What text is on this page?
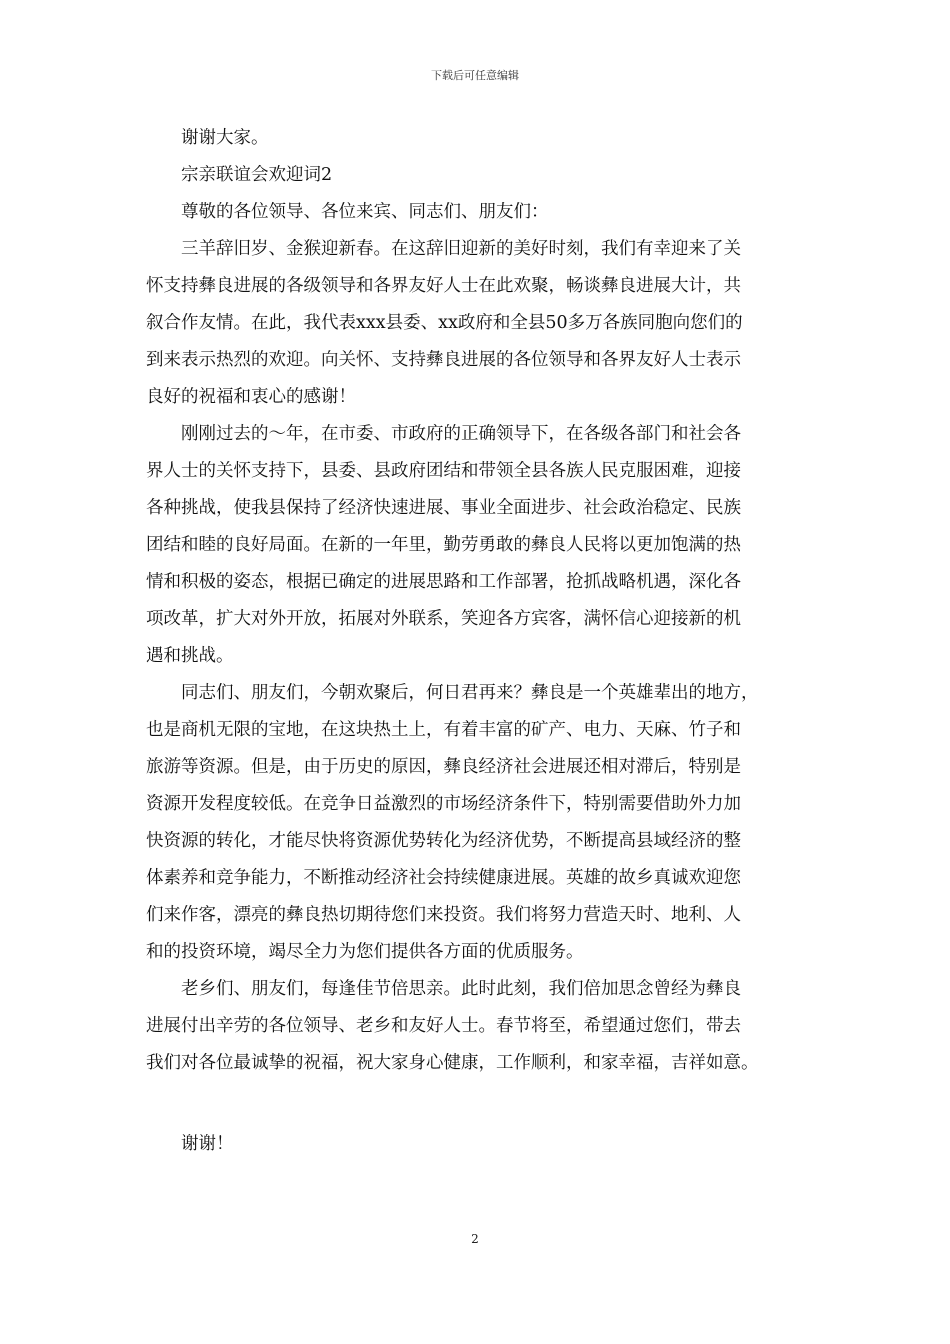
下载后可任意编辑
谢谢大家。
宗亲联谊会欢迎词2
尊敬的各位领导、各位来宾、同志们、朋友们：
三羊辞旧岁、金猴迎新春。在这辞旧迎新的美好时刻，我们有幸迎来了关
怀支持彝良进展的各级领导和各界友好人士在此欢聚，畅谈彝良进展大计，共
叙合作友情。在此，我代表xxx县委、xx政府和全县50多万各族同胞向您们的
到来表示热烈的欢迎。向关怀、支持彝良进展的各位领导和各界友好人士表示
良好的祝福和衷心的感谢！
刚刚过去的～年，在市委、市政府的正确领导下，在各级各部门和社会各
界人士的关怀支持下，县委、县政府团结和带领全县各族人民克服困难，迎接
各种挑战，使我县保持了经济快速进展、事业全面进步、社会政治稳定、民族
团结和睦的良好局面。在新的一年里，勤劳勇敢的彝良人民将以更加饱满的热
情和积极的姿态，根据已确定的进展思路和工作部署，抢抓战略机遇，深化各
项改革，扩大对外开放，拓展对外联系，笑迎各方宾客，满怀信心迎接新的机
遇和挑战。
同志们、朋友们，今朝欢聚后，何日君再来？彝良是一个英雄辈出的地方，
也是商机无限的宝地，在这块热土上，有着丰富的矿产、电力、天麻、竹子和
旅游等资源。但是，由于历史的原因，彝良经济社会进展还相对滞后，特别是
资源开发程度较低。在竞争日益激烈的市场经济条件下，特别需要借助外力加
快资源的转化，才能尽快将资源优势转化为经济优势，不断提高县域经济的整
体素养和竞争能力，不断推动经济社会持续健康进展。英雄的故乡真诚欢迎您
们来作客，漂亮的彝良热切期待您们来投资。我们将努力营造天时、地利、人
和的投资环境，竭尽全力为您们提供各方面的优质服务。
老乡们、朋友们，每逢佳节倍思亲。此时此刻，我们倍加思念曾经为彝良
进展付出辛劳的各位领导、老乡和友好人士。春节将至，希望通过您们，带去
我们对各位最诚挚的祝福，祝大家身心健康，工作顺利，和家幸福，吉祥如意。
谢谢！
2
